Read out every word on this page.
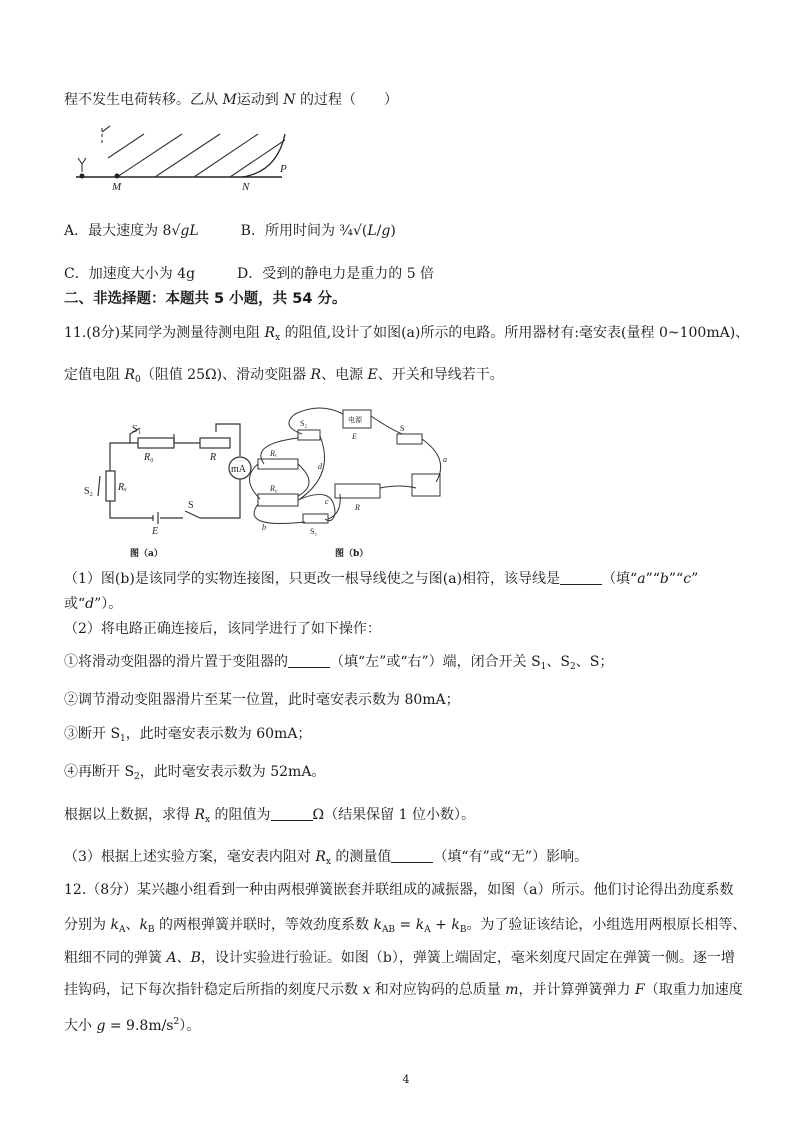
程不发生电荷转移。乙从 M运动到 N 的过程（　　）
A．最大速度为 8√gL　　　B．所用时间为 ¾√(L/g)
C．加速度大小为 4g　　　D．受到的静电力是重力的 5 倍
二、非选择题：本题共 5 小题，共 54 分。
11.(8分)某同学为测量待测电阻 $R_x$ 的阻值,设计了如图(a)所示的电路。所用器材有:毫安表(量程 0~100mA)、
定值电阻 $R_0$（阻值 25Ω)、滑动变阻器 R、电源 E、开关和导线若干。
（1）图(b)是该同学的实物连接图，只更改一根导线使之与图(a)相符，该导线是	（填“a”“b”“c”
或“d”）。
（2）将电路正确连接后，该同学进行了如下操作：
①将滑动变阻器的滑片置于变阻器的	（填“左”或“右”）端，闭合开关 $S_1$、$S_2$、S；
②调节滑动变阻器滑片至某一位置，此时毫安表示数为 80mA；
③断开 $S_1$，此时毫安表示数为 60mA；
④再断开 $S_2$，此时毫安表示数为 52mA。
根据以上数据，求得 $R_x$ 的阻值为	Ω（结果保留 1 位小数）。
（3）根据上述实验方案，毫安表内阻对 $R_x$ 的测量值	（填“有”或“无”）影响。
12.（8分）某兴趣小组看到一种由两根弹簧嵌套并联组成的减振器，如图（a）所示。他们讨论得出劲度系数
分别为 $k_A$、$k_B$ 的两根弹簧并联时，等效劲度系数 $k_{AB} = k_A + k_B$。为了验证该结论，小组选用两根原长相等、
粗细不同的弹簧 A、B，设计实验进行验证。如图（b），弹簧上端固定，毫米刻度尺固定在弹簧一侧。逐一增
挂钩码，记下每次指针稳定后所指的刻度尺示数 x 和对应钩码的总质量 m，并计算弹簧弹力 F（取重力加速度
大小 $g = 9.8m/s^2$）。
M	N
P
S₁
R₀	R
mA
S₂ Rₓ
S
E
图（a）
电源
S₂
E
S
Rₓ
R₀
d
a
c
b
R
S₁
图（b）
4
